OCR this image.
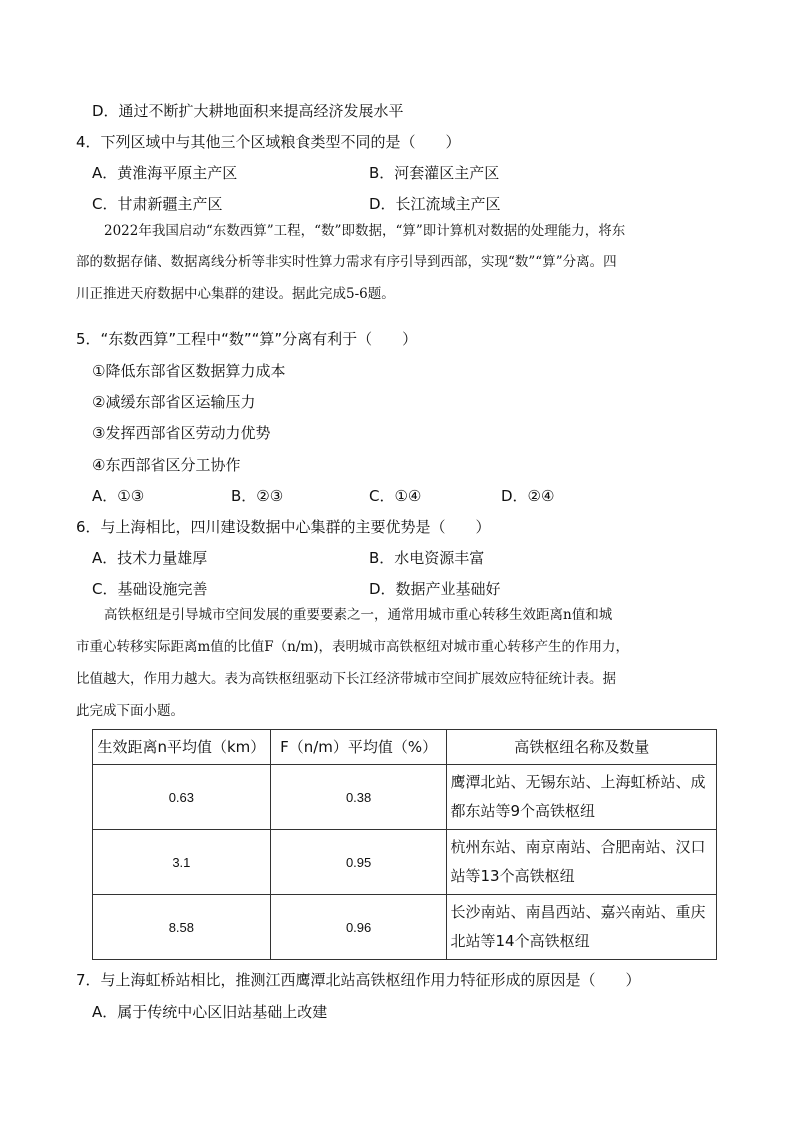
D．通过不断扩大耕地面积来提高经济发展水平
4．下列区域中与其他三个区域粮食类型不同的是（　　）
A．黄淮海平原主产区	B．河套灌区主产区
C．甘肃新疆主产区	D．长江流域主产区
2022年我国启动“东数西算”工程，“数”即数据，“算”即计算机对数据的处理能力，将东
部的数据存储、数据离线分析等非实时性算力需求有序引导到西部，实现“数”“算”分离。四
川正推进天府数据中心集群的建设。据此完成5-6题。
5．“东数西算”工程中“数”“算”分离有利于（　　）
①降低东部省区数据算力成本
②减缓东部省区运输压力
③发挥西部省区劳动力优势
④东西部省区分工协作
A．①③	B．②③	C．①④	D．②④
6．与上海相比，四川建设数据中心集群的主要优势是（　　）
A．技术力量雄厚	B．水电资源丰富
C．基础设施完善	D．数据产业基础好
高铁枢纽是引导城市空间发展的重要要素之一，通常用城市重心转移生效距离n值和城
市重心转移实际距离m值的比值F（n/m)，表明城市高铁枢纽对城市重心转移产生的作用力，
比值越大，作用力越大。表为高铁枢纽驱动下长江经济带城市空间扩展效应特征统计表。据
此完成下面小题。
生效距离n平均值（km）	F（n/m）平均值（%）	高铁枢纽名称及数量
0.63	0.38	鹰潭北站、无锡东站、上海虹桥站、成都东站等9个高铁枢纽
3.1	0.95	杭州东站、南京南站、合肥南站、汉口站等13个高铁枢纽
8.58	0.96	长沙南站、南昌西站、嘉兴南站、重庆北站等14个高铁枢纽
7．与上海虹桥站相比，推测江西鹰潭北站高铁枢纽作用力特征形成的原因是（　　）
A．属于传统中心区旧站基础上改建
